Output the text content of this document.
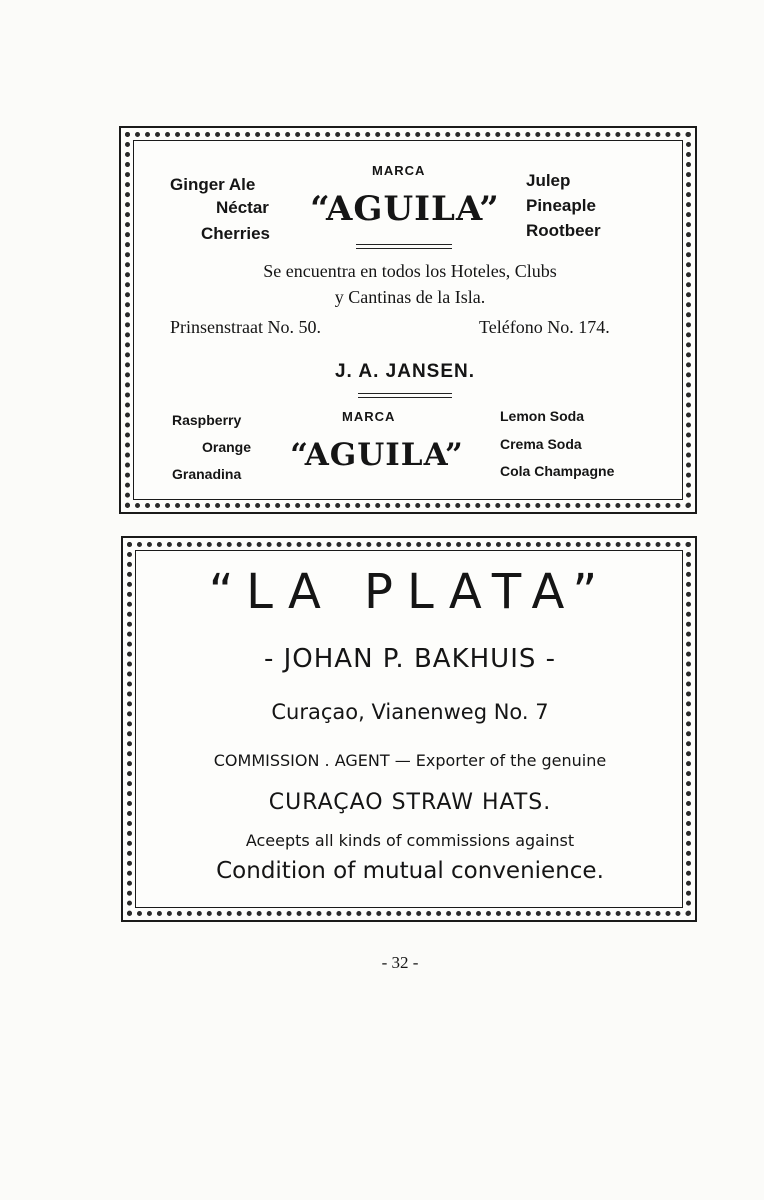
Ginger Ale
Néctar
Cherries
MARCA
“AGUILA”
Julep
Pineaple
Rootbeer
Se encuentra en todos los Hoteles, Clubs
y Cantinas de la Isla.
Prinsenstraat No. 50.	Teléfono No. 174.
J. A. JANSEN.
Raspberry
Orange
Granadina
MARCA
“AGUILA”
Lemon Soda
Crema Soda
Cola Champagne
“LA PLATA”
- JOHAN P. BAKHUIS -
Curaçao, Vianenweg No. 7
COMMISSION . AGENT — Exporter of the genuine
CURAÇAO STRAW HATS.
Aceepts all kinds of commissions against
Condition of mutual convenience.
- 32 -
